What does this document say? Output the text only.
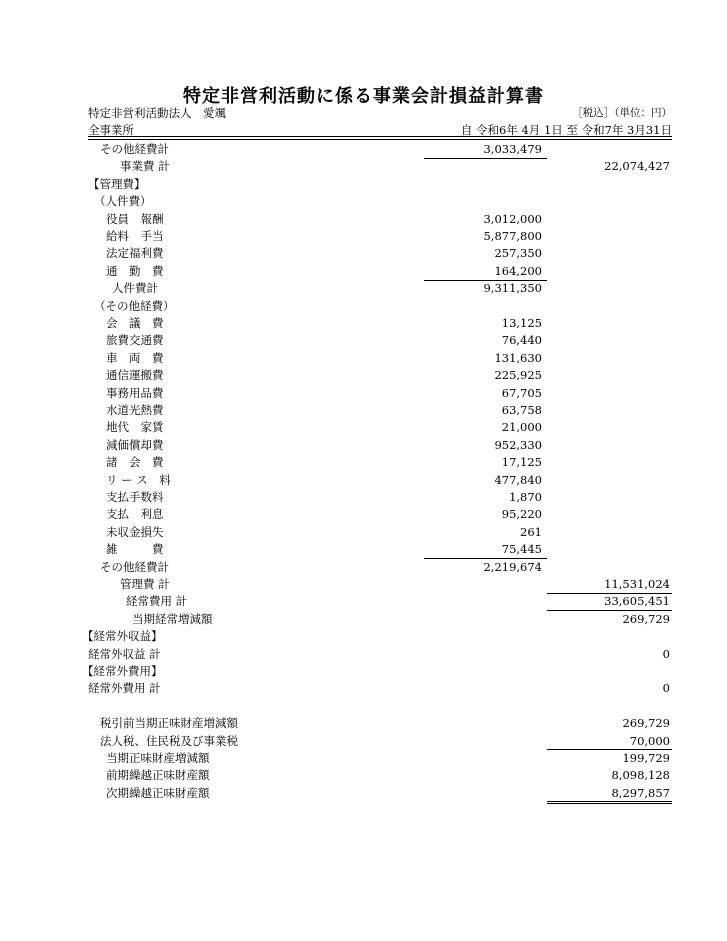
特定非営利活動に係る事業会計損益計算書
特定非営利活動法人　愛颯	［税込］（単位：円）
全事業所	自 令和6年 4月 1日 至 令和7年 3月31日
その他経費計	3,033,479
事業費 計	22,074,427
【管理費】
（人件費）
役員　報酬	3,012,000
給料　手当	5,877,800
法定福利費	257,350
通　勤　費	164,200
人件費計	9,311,350
（その他経費）
会　議　費	13,125
旅費交通費	76,440
車　両　費	131,630
通信運搬費	225,925
事務用品費	67,705
水道光熱費	63,758
地代　家賃	21,000
減価償却費	952,330
諸　会　費	17,125
リ ー ス　料	477,840
支払手数料	1,870
支払　利息	95,220
未収金損失	261
雑　　　費	75,445
その他経費計	2,219,674
管理費 計	11,531,024
経常費用 計	33,605,451
当期経常増減額	269,729
【経常外収益】
経常外収益 計	0
【経常外費用】
経常外費用 計	0
税引前当期正味財産増減額	269,729
法人税、住民税及び事業税	70,000
当期正味財産増減額	199,729
前期繰越正味財産額	8,098,128
次期繰越正味財産額	8,297,857
